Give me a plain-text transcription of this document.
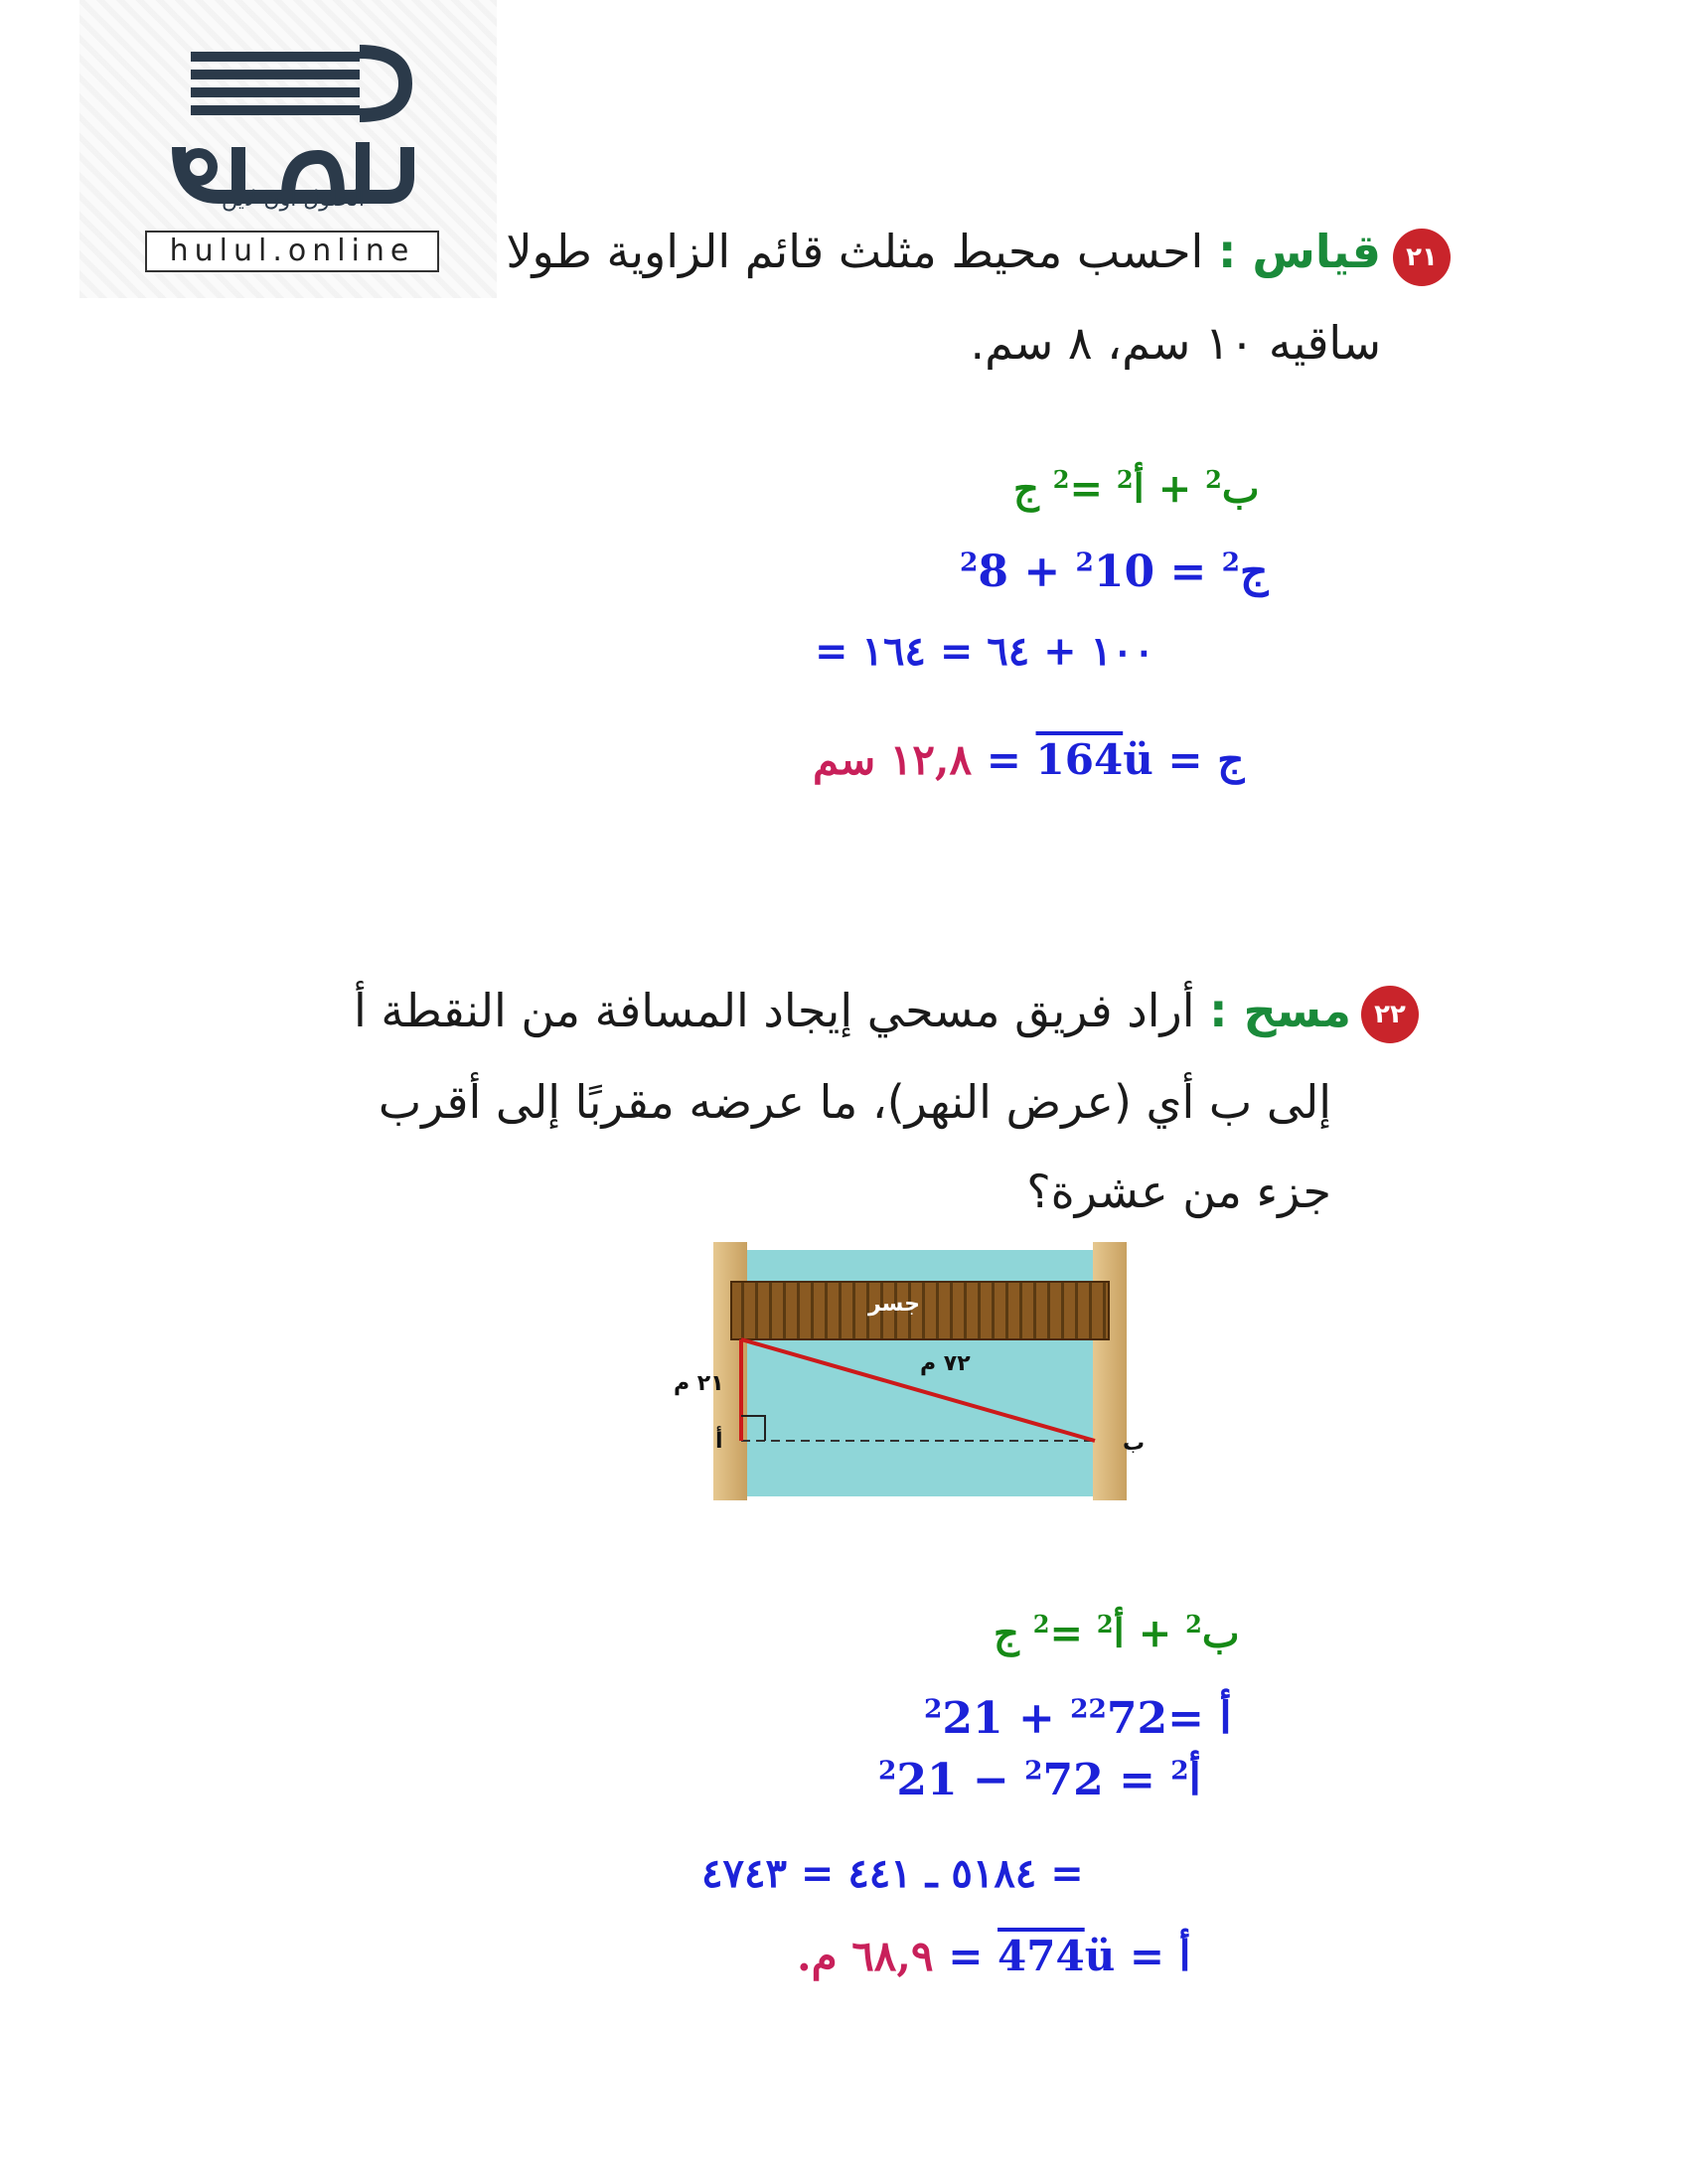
الحلول اون لاين
hulul.online	٢١
قياس : احسب محيط مثلث قائم الزاوية طولا
ساقيه ١٠ سم، ٨ سم.
ب$^2$ + أ$^2$ =$^2$ ج
$^2$8 + $^2$10 = $^2$ج
= ١٠٠ + ٦٤ = ١٦٤
١٢,٨ سم = 164ü = ج
٢٢
مسح : أراد فريق مسحي إيجاد المسافة من النقطة أ
إلى ب أي (عرض النهر)، ما عرضه مقربًا إلى أقرب
جزء من عشرة؟
جسر
٧٢ م
٢١ م
أ	ب
ب$^2$ + أ$^2$ =$^2$ ج
$^2$21 + $^2$	أ =$^2$72
$^2$21 − $^2$72 = $^2$أ
= ٥١٨٤ ـ ٤٤١ = ٤٧٤٣
٦٨,٩ م. = 474ü = أ
